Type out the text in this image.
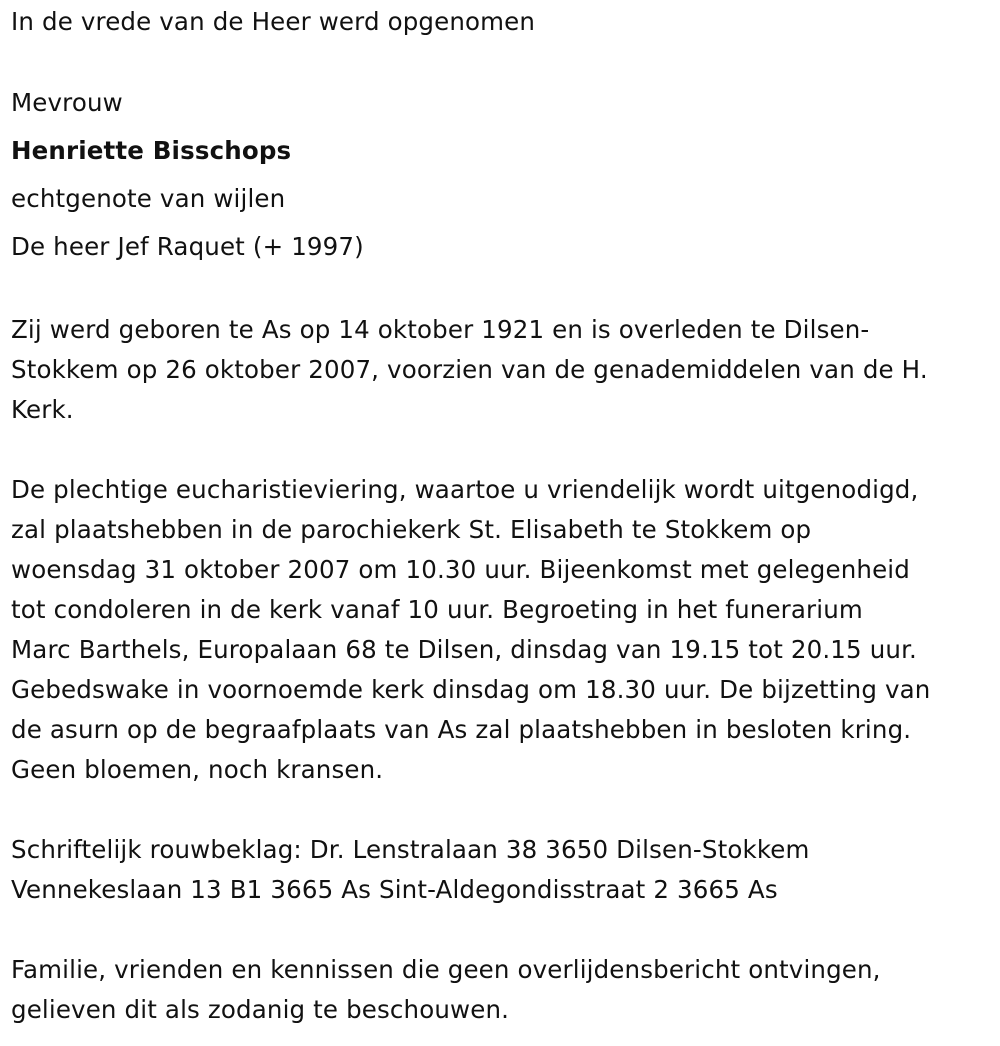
In de vrede van de Heer werd opgenomen
Mevrouw
Henriette Bisschops
echtgenote van wijlen
De heer Jef Raquet (+ 1997)
Zij werd geboren te As op 14 oktober 1921 en is overleden te Dilsen-
Stokkem op 26 oktober 2007, voorzien van de genademiddelen van de H.
Kerk.
De plechtige eucharistieviering, waartoe u vriendelijk wordt uitgenodigd,
zal plaatshebben in de parochiekerk St. Elisabeth te Stokkem op
woensdag 31 oktober 2007 om 10.30 uur. Bijeenkomst met gelegenheid
tot condoleren in de kerk vanaf 10 uur. Begroeting in het funerarium
Marc Barthels, Europalaan 68 te Dilsen, dinsdag van 19.15 tot 20.15 uur.
Gebedswake in voornoemde kerk dinsdag om 18.30 uur. De bijzetting van
de asurn op de begraafplaats van As zal plaatshebben in besloten kring.
Geen bloemen, noch kransen.
Schriftelijk rouwbeklag: Dr. Lenstralaan 38 3650 Dilsen-Stokkem
Vennekeslaan 13 B1 3665 As Sint-Aldegondisstraat 2 3665 As
Familie, vrienden en kennissen die geen overlijdensbericht ontvingen,
gelieven dit als zodanig te beschouwen.
